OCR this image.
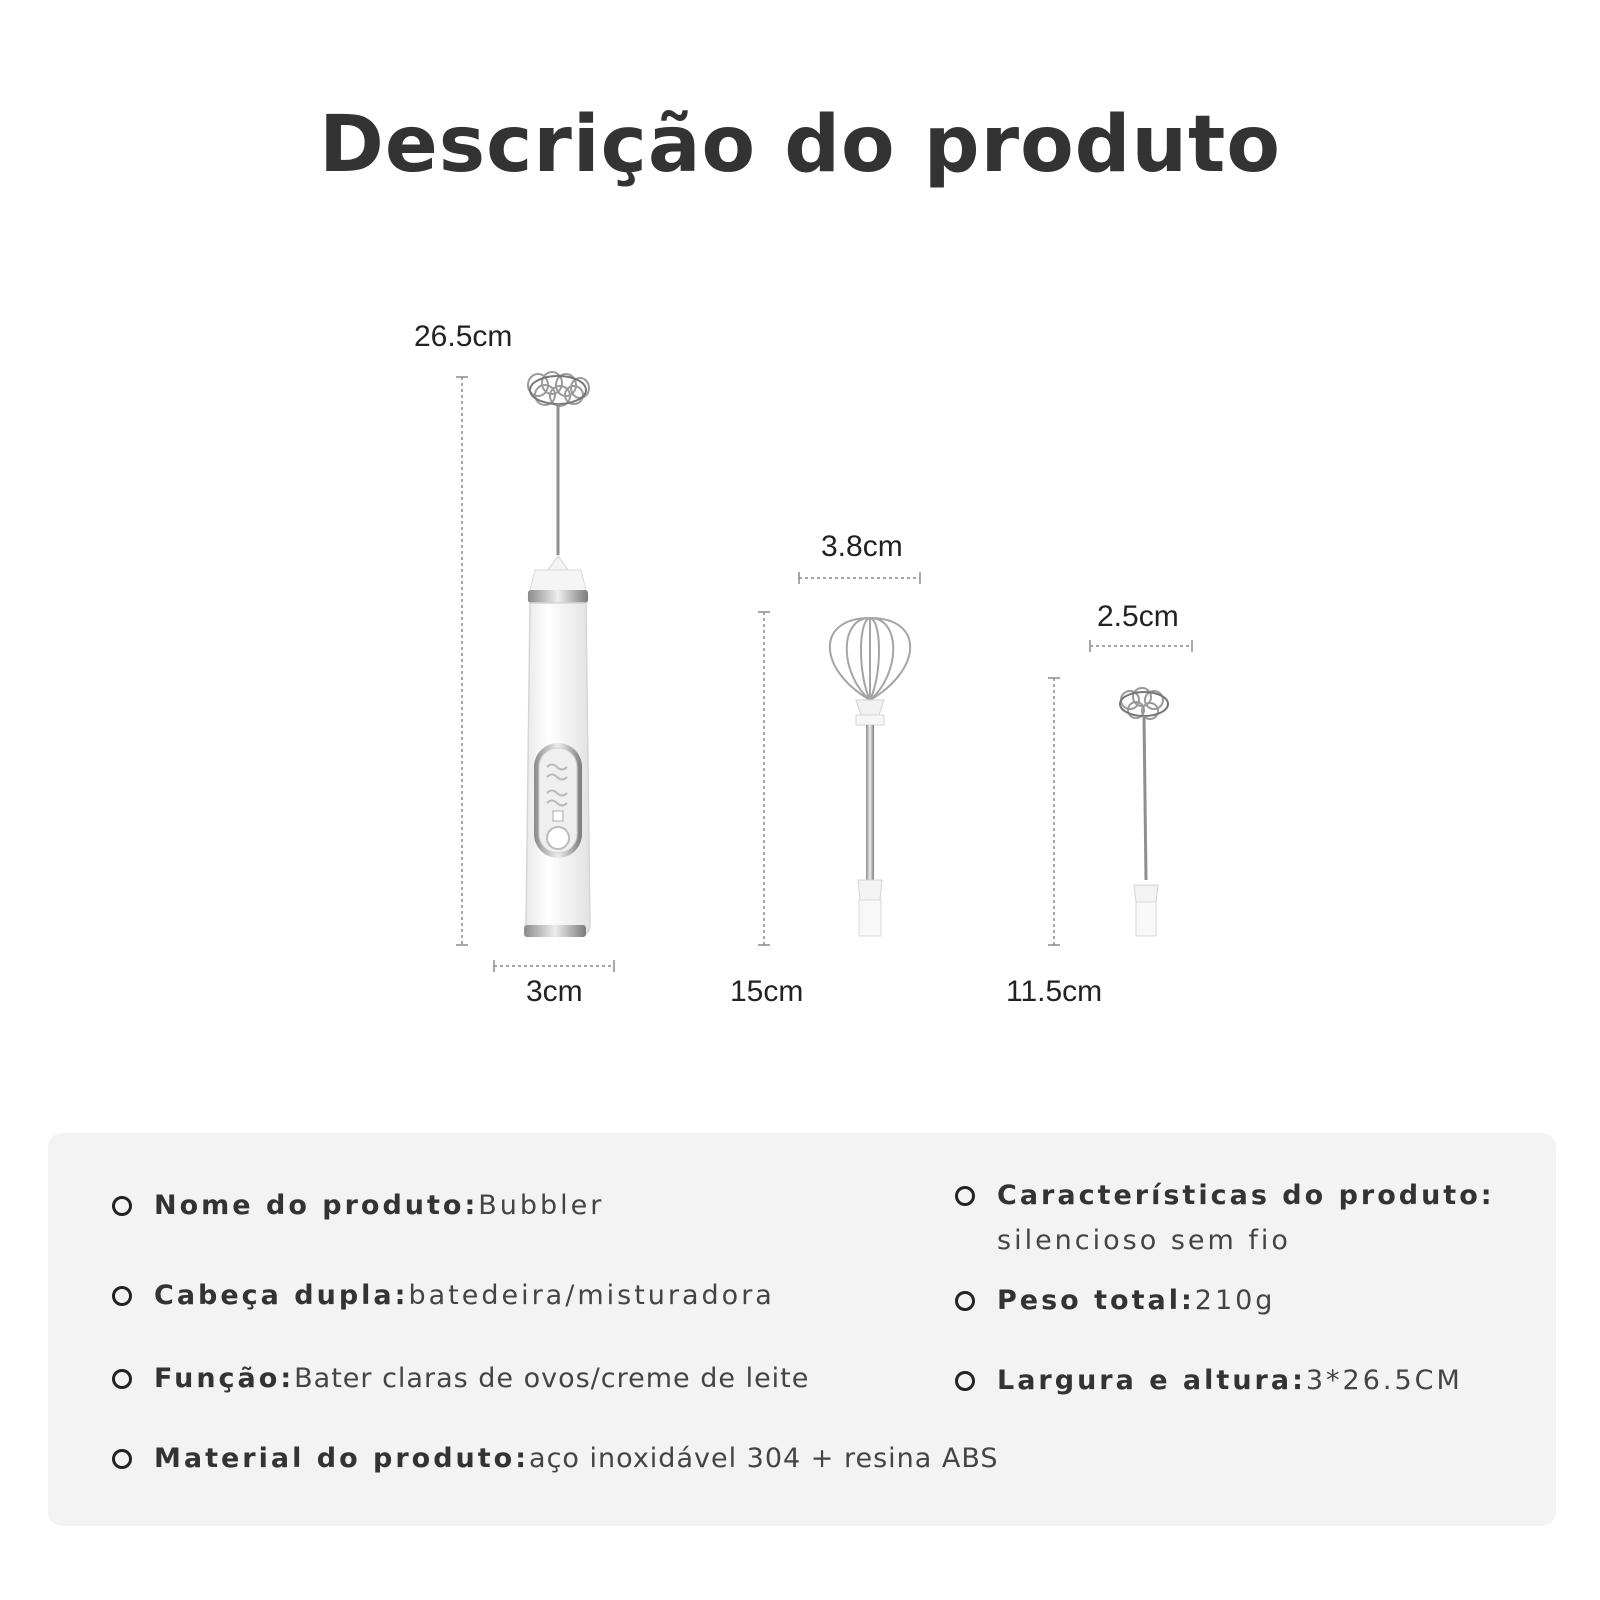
Descrição do produto
26.5cm
3cm
3.8cm
15cm
2.5cm
11.5cm
Nome do produto: Bubbler
Cabeça dupla: batedeira/misturadora
Função: Bater claras de ovos/creme de leite
Material do produto: aço inoxidável 304 + resina ABS
Características do produto:
silencioso sem fio
Peso total: 210g
Largura e altura: 3*26.5CM
